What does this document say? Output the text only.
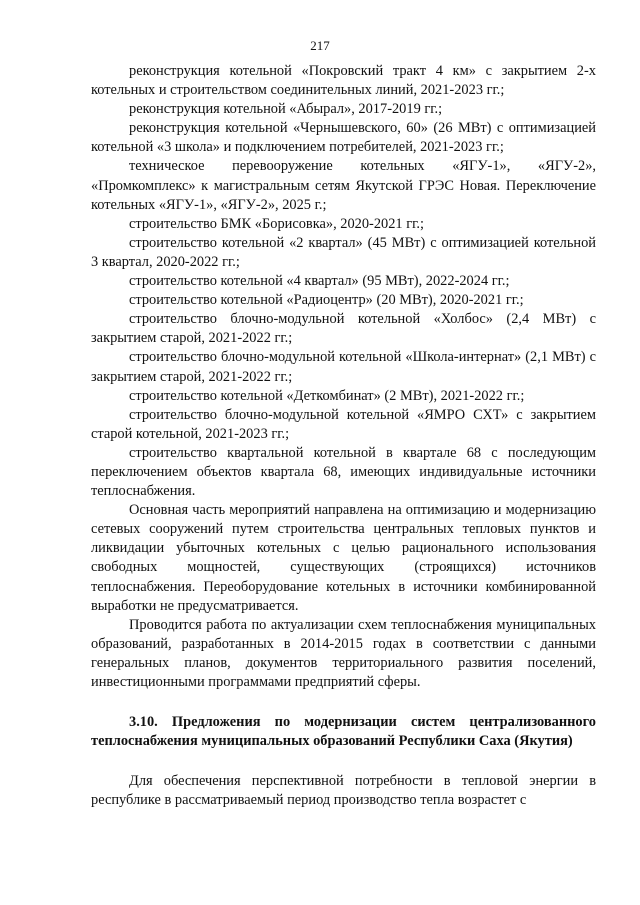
217

реконструкция котельной «Покровский тракт 4 км» с закрытием 2-х котельных и строительством соединительных линий, 2021-2023 гг.;

реконструкция котельной «Абырал», 2017-2019 гг.;

реконструкция котельной «Чернышевского, 60» (26 МВт) с оптимизацией котельной «3 школа» и подключением потребителей, 2021-2023 гг.;

техническое перевооружение котельных «ЯГУ-1», «ЯГУ-2», «Промкомплекс» к магистральным сетям Якутской ГРЭС Новая. Переключение котельных «ЯГУ-1», «ЯГУ-2», 2025 г.;

строительство БМК «Борисовка», 2020-2021 гг.;

строительство котельной «2 квартал» (45 МВт) с оптимизацией котельной 3 квартал, 2020-2022 гг.;

строительство котельной «4 квартал» (95 МВт), 2022-2024 гг.;

строительство котельной «Радиоцентр» (20 МВт), 2020-2021 гг.;

строительство блочно-модульной котельной «Холбос» (2,4 МВт) с закрытием старой, 2021-2022 гг.;

строительство блочно-модульной котельной «Школа-интернат» (2,1 МВт) с закрытием старой, 2021-2022 гг.;

строительство котельной «Деткомбинат» (2 МВт), 2021-2022 гг.;

строительство блочно-модульной котельной «ЯМРО СХТ» с закрытием старой котельной, 2021-2023 гг.;

строительство квартальной котельной в квартале 68 с последующим переключением объектов квартала 68, имеющих индивидуальные источники теплоснабжения.

Основная часть мероприятий направлена на оптимизацию и модернизацию сетевых сооружений путем строительства центральных тепловых пунктов и ликвидации убыточных котельных с целью рационального использования свободных мощностей, существующих (строящихся) источников теплоснабжения. Переоборудование котельных в источники комбинированной выработки не предусматривается.

Проводится работа по актуализации схем теплоснабжения муниципальных образований, разработанных в 2014-2015 годах в соответствии с данными генеральных планов, документов территориального развития поселений, инвестиционными программами предприятий сферы.

3.10. Предложения по модернизации систем централизованного теплоснабжения муниципальных образований Республики Саха (Якутия)

Для обеспечения перспективной потребности в тепловой энергии в республике в рассматриваемый период производство тепла возрастет с
